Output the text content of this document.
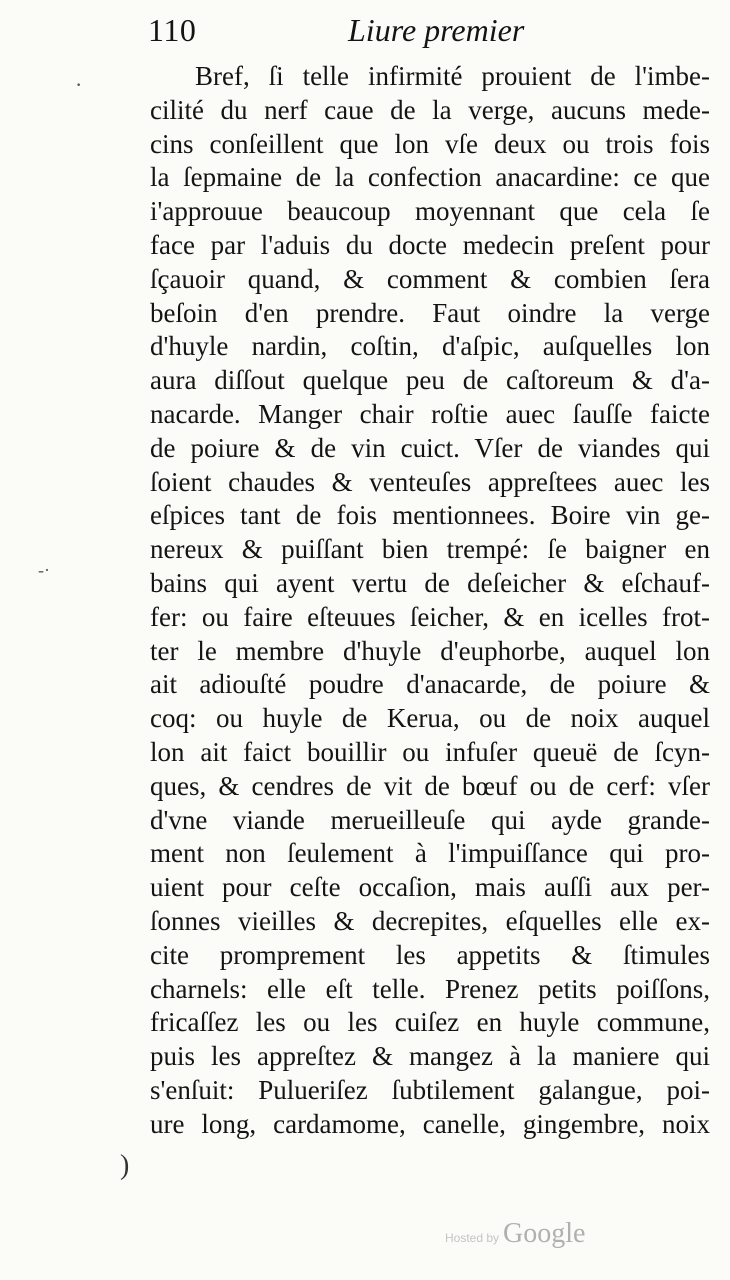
110	Liure premier
·
-·
)
Bref, ſi telle infirmité prouient de l'imbe-
cilité du nerf caue de la verge, aucuns mede-
cins conſeillent que lon vſe deux ou trois fois
la ſepmaine de la confection anacardine: ce que
i'approuue beaucoup moyennant que cela ſe
face par l'aduis du docte medecin preſent pour
ſçauoir quand, & comment & combien ſera
beſoin d'en prendre. Faut oindre la verge
d'huyle nardin, coſtin, d'aſpic, auſquelles lon
aura diſſout quelque peu de caſtoreum & d'a-
nacarde. Manger chair roſtie auec ſauſſe faicte
de poiure & de vin cuict. Vſer de viandes qui
ſoient chaudes & venteuſes appreſtees auec les
eſpices tant de fois mentionnees. Boire vin ge-
nereux & puiſſant bien trempé: ſe baigner en
bains qui ayent vertu de deſeicher & eſchauf-
fer: ou faire eſteuues ſeicher, & en icelles frot-
ter le membre d'huyle d'euphorbe, auquel lon
ait adiouſté poudre d'anacarde, de poiure &
coq: ou huyle de Kerua, ou de noix auquel
lon ait faict bouillir ou infuſer queuë de ſcyn-
ques, & cendres de vit de bœuf ou de cerf: vſer
d'vne viande merueilleuſe qui ayde grande-
ment non ſeulement à l'impuiſſance qui pro-
uient pour ceſte occaſion, mais auſſi aux per-
ſonnes vieilles & decrepites, eſquelles elle ex-
cite promprement les appetits & ſtimules
charnels: elle eſt telle. Prenez petits poiſſons,
fricaſſez les ou les cuiſez en huyle commune,
puis les appreſtez & mangez à la maniere qui
s'enſuit: Pulueriſez ſubtilement galangue, poi-
ure long, cardamome, canelle, gingembre, noix
Hosted by Google
